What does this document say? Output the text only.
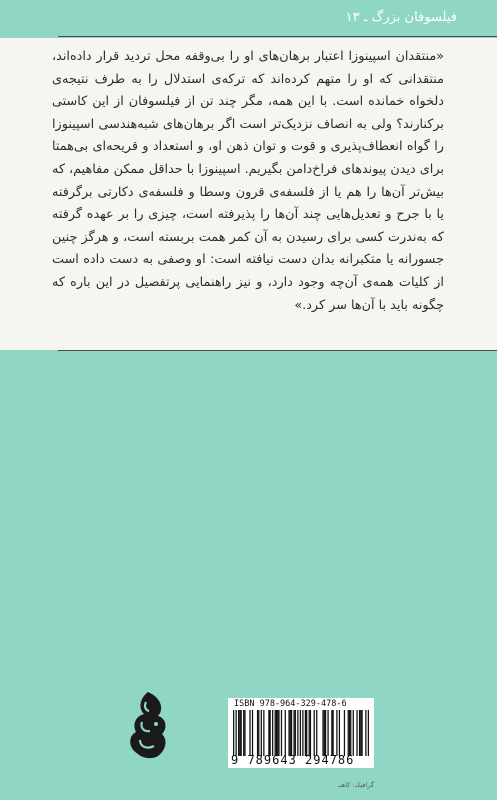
فیلسوفان بزرگ ـ ۱۳

«منتقدان اسپینوزا اعتبار برهان‌های او را بی‌وقفه محل تردید قرار داده‌اند، منتقدانی که او را متهم کرده‌اند که ترکه‌ی استدلال را به طرف نتیجه‌ی دلخواه خمانده است. با این همه، مگر چند تن از فیلسوفان از این کاستی برکنارند؟ ولی به انصاف نزدیک‌تر است اگر برهان‌های شبه‌هندسی اسپینوزا را گواه انعطاف‌پذیری و قوت و توان ذهن او، و استعداد و قریحه‌ای بی‌همتا برای دیدن پیوندهای فراخ‌دامن بگیریم. اسپینوزا با حداقل ممکن مفاهیم، که بیش‌تر آن‌ها را هم یا از فلسفه‌ی قرون وسطا و فلسفه‌ی دکارتی برگرفته یا با جرح و تعدیل‌هایی چند آن‌ها را پذیرفته است، چیزی را بر عهده گرفته که به‌ندرت کسی برای رسیدن به آن کمر همت بربسته است، و هرگز چنین جسورانه یا متکبرانه بدان دست نیافته است: او وصفی به دست داده است از کلیات همه‌ی آن‌چه وجود دارد، و نیز راهنمایی پرتفصیل در این باره که چگونه باید با آن‌ها سر کرد.»

ISBN 978-964-329-478-6
9 789643 294786
گرافیک: کاهنـ
